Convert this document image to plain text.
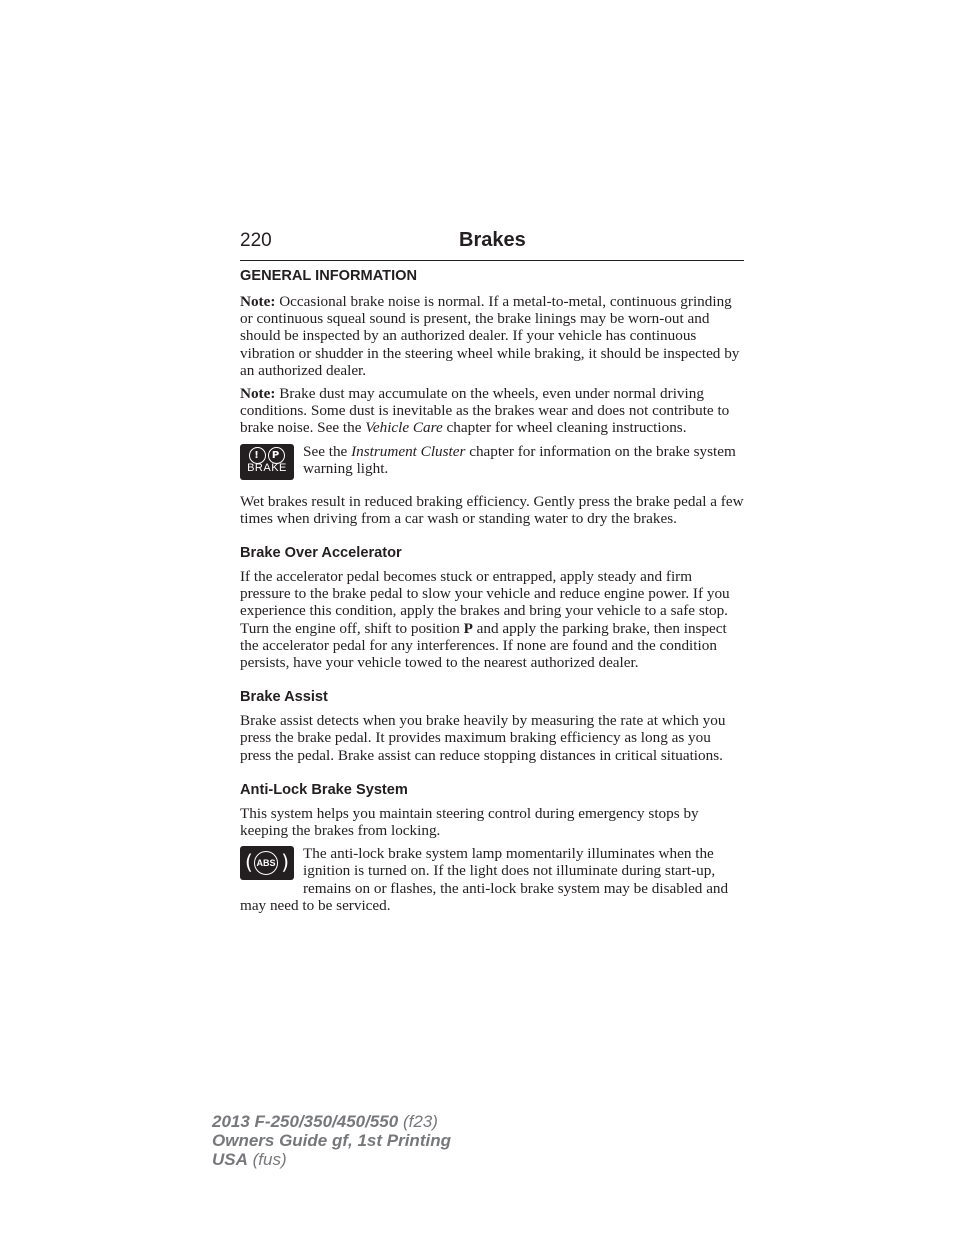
220	Brakes
GENERAL INFORMATION

Note: Occasional brake noise is normal. If a metal-to-metal, continuous grinding or continuous squeal sound is present, the brake linings may be worn-out and should be inspected by an authorized dealer. If your vehicle has continuous vibration or shudder in the steering wheel while braking, it should be inspected by an authorized dealer.

Note: Brake dust may accumulate on the wheels, even under normal driving conditions. Some dust is inevitable as the brakes wear and does not contribute to brake noise. See the Vehicle Care chapter for wheel cleaning instructions.

! P
BRAKE
See the Instrument Cluster chapter for information on the brake system warning light.

Wet brakes result in reduced braking efficiency. Gently press the brake pedal a few times when driving from a car wash or standing water to dry the brakes.

Brake Over Accelerator

If the accelerator pedal becomes stuck or entrapped, apply steady and firm pressure to the brake pedal to slow your vehicle and reduce engine power. If you experience this condition, apply the brakes and bring your vehicle to a safe stop. Turn the engine off, shift to position P and apply the parking brake, then inspect the accelerator pedal for any interferences. If none are found and the condition persists, have your vehicle towed to the nearest authorized dealer.

Brake Assist

Brake assist detects when you brake heavily by measuring the rate at which you press the brake pedal. It provides maximum braking efficiency as long as you press the pedal. Brake assist can reduce stopping distances in critical situations.

Anti-Lock Brake System

This system helps you maintain steering control during emergency stops by keeping the brakes from locking.

( ABS ) The anti-lock brake system lamp momentarily illuminates when the ignition is turned on. If the light does not illuminate during start-up, remains on or flashes, the anti-lock brake system may be disabled and may need to be serviced.
2013 F-250/350/450/550 (f23)
Owners Guide gf, 1st Printing
USA (fus)
